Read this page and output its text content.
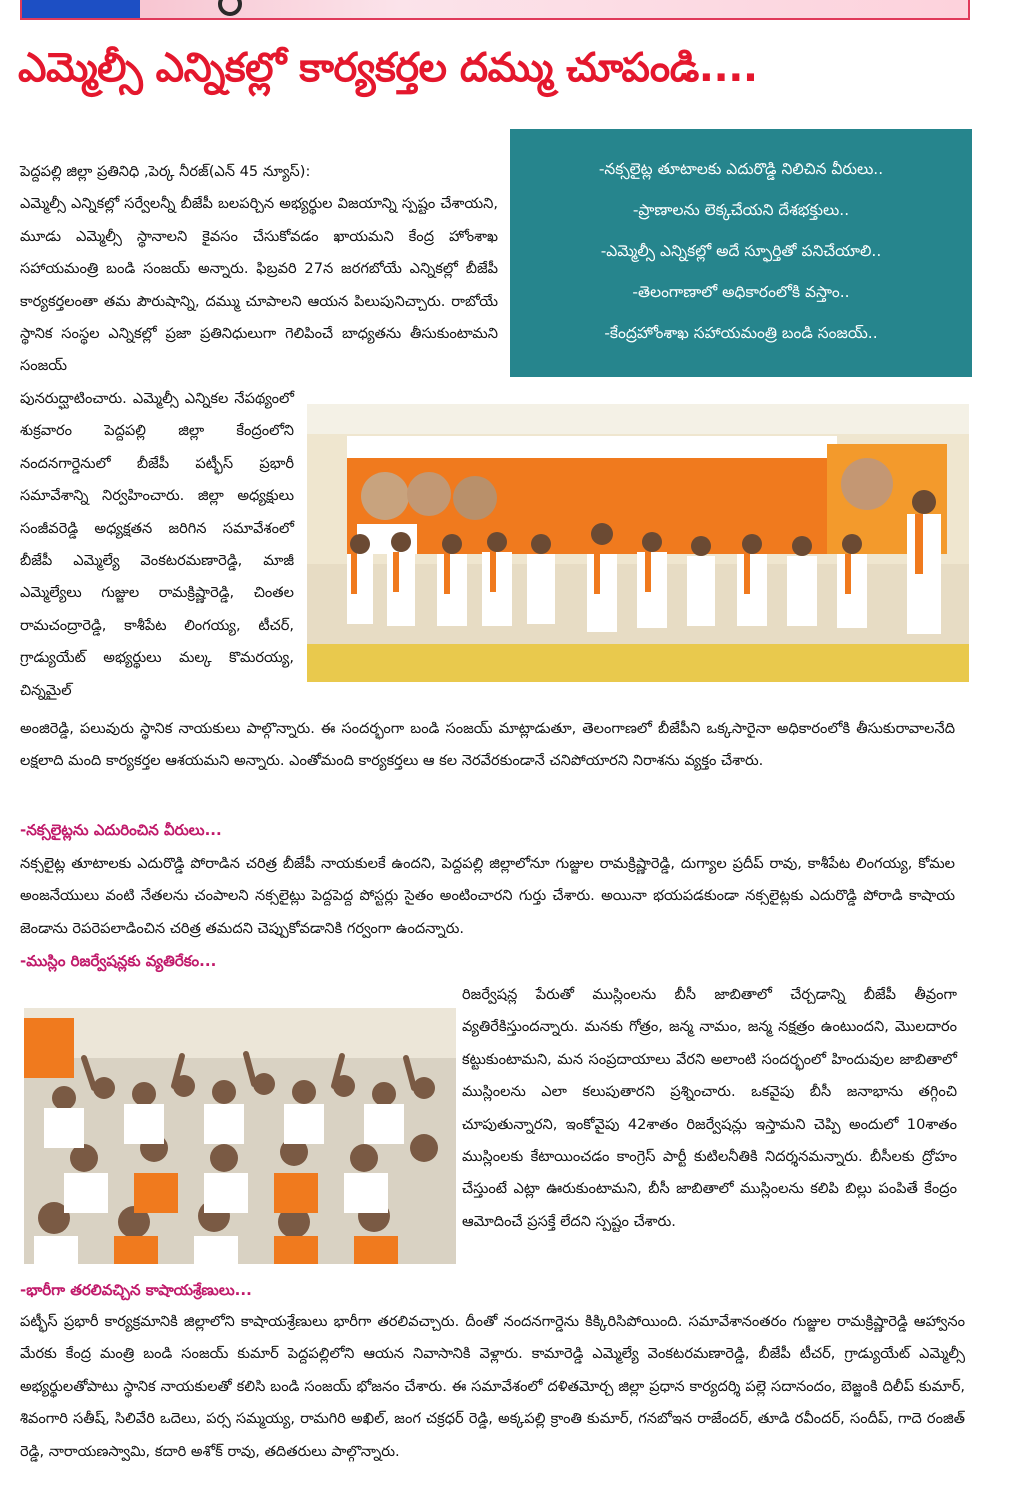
ఎమ్మెల్సీ ఎన్నికల్లో కార్యకర్తల దమ్ము చూపండి....
-నక్సలైట్ల తూటాలకు ఎదురొడ్డి నిలిచిన వీరులు..
-ప్రాణాలను లెక్కచేయని దేశభక్తులు..
-ఎమ్మెల్సీ ఎన్నికల్లో అదే స్ఫూర్తితో పనిచేయాలి..
-తెలంగాణాలో అధికారంలోకి వస్తాం..
-కేంద్రహోంశాఖ సహాయమంత్రి బండి సంజయ్..
పెద్దపల్లి జిల్లా ప్రతినిధి ,పెర్క నీరజ్(ఎన్ 45 న్యూస్):
ఎమ్మెల్సీ ఎన్నికల్లో సర్వేలన్నీ బీజేపీ బలపర్చిన అభ్యర్థుల విజయాన్ని స్పష్టం చేశాయని, మూడు ఎమ్మెల్సీ స్థానాలని కైవసం చేసుకోవడం ఖాయమని కేంద్ర హోంశాఖ సహాయమంత్రి బండి సంజయ్ అన్నారు. ఫిబ్రవరి 27న జరగబోయే ఎన్నికల్లో బీజేపీ కార్యకర్తలంతా తమ పౌరుషాన్ని, దమ్ము చూపాలని ఆయన పిలుపునిచ్చారు. రాబోయే స్థానిక సంస్థల ఎన్నికల్లో ప్రజా ప్రతినిధులుగా గెలిపించే బాధ్యతను తీసుకుంటామని సంజయ్
పునరుద్ఘాటించారు. ఎమ్మెల్సీ ఎన్నికల నేపథ్యంలో శుక్రవారం పెద్దపల్లి జిల్లా కేంద్రంలోని నందనగార్డెనులో బీజేపీ పట్భీస్ ప్రభారీ సమావేశాన్ని నిర్వహించారు. జిల్లా అధ్యక్షులు సంజీవరెడ్డి అధ్యక్షతన జరిగిన సమావేశంలో బీజేపీ ఎమ్మెల్యే వెంకటరమణారెడ్డి, మాజీ ఎమ్మెల్యేలు గుజ్జుల రామక్రిష్ణారెడ్డి, చింతల రామచంద్రారెడ్డి, కాశీపేట లింగయ్య, టీచర్, గ్రాడ్యుయేట్ అభ్యర్థులు మల్క కొమరయ్య, చిన్నమైల్
అంజిరెడ్డి, పలువురు స్థానిక నాయకులు పాల్గొన్నారు. ఈ సందర్భంగా బండి సంజయ్ మాట్లాడుతూ, తెలంగాణలో బీజేపీని ఒక్కసారైనా అధికారంలోకి తీసుకురావాలనేది లక్షలాది మంది కార్యకర్తల ఆశయమని అన్నారు. ఎంతోమంది కార్యకర్తలు ఆ కల నెరవేరకుండానే చనిపోయారని నిరాశను వ్యక్తం చేశారు.
-నక్సలైట్లను ఎదురించిన వీరులు...
నక్సలైట్ల తూటాలకు ఎదురొడ్డి పోరాడిన చరిత్ర బీజేపీ నాయకులకే ఉందని, పెద్దపల్లి జిల్లాలోనూ గుజ్జుల రామక్రిష్ణారెడ్డి, దుగ్యాల ప్రదీప్ రావు, కాశీపేట లింగయ్య, కోమల అంజనేయులు వంటి నేతలను చంపాలని నక్సలైట్లు పెద్దపెద్ద పోస్టర్లు సైతం అంటించారని గుర్తు చేశారు. అయినా భయపడకుండా నక్సలైట్లకు ఎదురొడ్డి పోరాడి కాషాయ జెండాను రెపరెపలాడించిన చరిత్ర తమదని చెప్పుకోవడానికి గర్వంగా ఉందన్నారు.
-ముస్లిం రిజర్వేషన్లకు వ్యతిరేకం...
రిజర్వేషన్ల పేరుతో ముస్లింలను బీసీ జాబితాలో చేర్చడాన్ని బీజేపీ తీవ్రంగా వ్యతిరేకిస్తుందన్నారు. మనకు గోత్రం, జన్మ నామం, జన్మ నక్షత్రం ఉంటుందని, మొలదారం కట్టుకుంటామని, మన సంప్రదాయాలు వేరని అలాంటి సందర్భంలో హిందువుల జాబితాలో ముస్లింలను ఎలా కలుపుతారని ప్రశ్నించారు. ఒకవైపు బీసీ జనాభాను తగ్గించి చూపుతున్నారని, ఇంకోవైపు 42శాతం రిజర్వేషన్లు ఇస్తామని చెప్పి అందులో 10శాతం ముస్లింలకు కేటాయించడం కాంగ్రెస్ పార్టీ కుటిలనీతికి నిదర్శనమన్నారు. బీసీలకు ద్రోహం చేస్తుంటే ఎట్లా ఊరుకుంటామని, బీసీ జాబితాలో ముస్లింలను కలిపి బిల్లు పంపితే కేంద్రం ఆమోదించే ప్రసక్తే లేదని స్పష్టం చేశారు.
-భారీగా తరలివచ్చిన కాషాయశ్రేణులు...
పట్భీస్ ప్రభారీ కార్యక్రమానికి జిల్లాలోని కాషాయశ్రేణులు భారీగా తరలివచ్చారు. దీంతో నందనగార్డెను కిక్కిరిసిపోయింది. సమావేశానంతరం గుజ్జుల రామక్రిష్ణారెడ్డి ఆహ్వానం మేరకు కేంద్ర మంత్రి బండి సంజయ్ కుమార్ పెద్దపల్లిలోని ఆయన నివాసానికి వెళ్లారు. కామారెడ్డి ఎమ్మెల్యే వెంకటరమణారెడ్డి, బీజేపీ టీచర్, గ్రాడ్యుయేట్ ఎమ్మెల్సీ అభ్యర్థులతోపాటు స్థానిక నాయకులతో కలిసి బండి సంజయ్ భోజనం చేశారు. ఈ సమావేశంలో దళితమోర్చ జిల్లా ప్రధాన కార్యదర్శి పల్లె సదానందం, బెజ్జంకి దిలీప్ కుమార్, శివంగారి సతీష్, సిలివేరి ఒదెలు, పర్స సమ్మయ్య, రామగిరి అఖిల్, జంగ చక్రధర్ రెడ్డి, అక్కపల్లి క్రాంతి కుమార్, గనబోఇన రాజేందర్, తూడి రవీందర్, సందీప్, గాదె రంజిత్ రెడ్డి, నారాయణస్వామి, కదారి అశోక్ రావు, తదితరులు పాల్గొన్నారు.
